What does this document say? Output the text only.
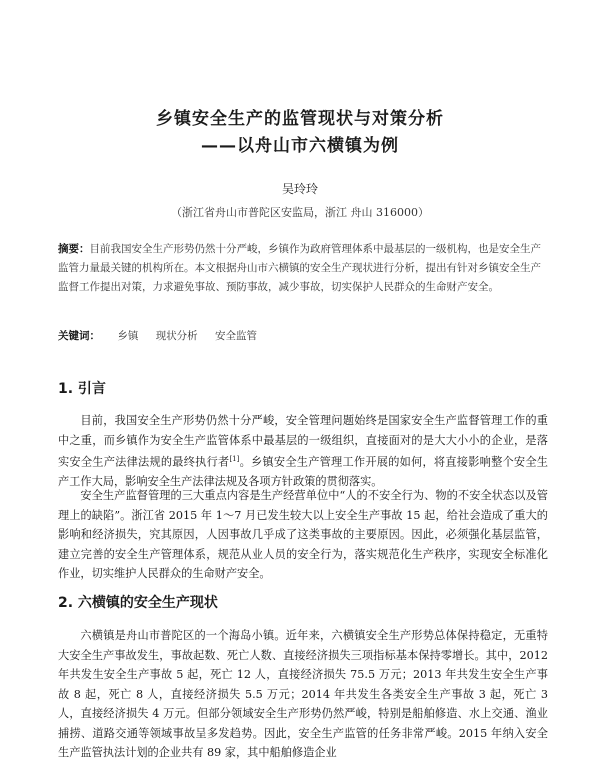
乡镇安全生产的监管现状与对策分析
——以舟山市六横镇为例

吴玲玲

（浙江省舟山市普陀区安监局，浙江 舟山 316000）

摘要：目前我国安全生产形势仍然十分严峻，乡镇作为政府管理体系中最基层的一级机构，也是安全生产监管力量最关键的机构所在。本文根据舟山市六横镇的安全生产现状进行分析，提出有针对乡镇安全生产监督工作提出对策，力求避免事故、预防事故，减少事故，切实保护人民群众的生命财产安全。

关键词： 乡镇 现状分析 安全监管

1. 引言

目前，我国安全生产形势仍然十分严峻，安全管理问题始终是国家安全生产监督管理工作的重中之重，而乡镇作为安全生产监管体系中最基层的一级组织，直接面对的是大大小小的企业，是落实安全生产法律法规的最终执行者[1]。乡镇安全生产管理工作开展的如何，将直接影响整个安全生产工作大局，影响安全生产法律法规及各项方针政策的贯彻落实。

安全生产监督管理的三大重点内容是生产经营单位中“人的不安全行为、物的不安全状态以及管理上的缺陷”。浙江省 2015 年 1～7 月已发生较大以上安全生产事故 15 起，给社会造成了重大的影响和经济损失，究其原因，人因事故几乎成了这类事故的主要原因。因此，必须强化基层监管，建立完善的安全生产管理体系，规范从业人员的安全行为，落实规范化生产秩序，实现安全标准化作业，切实维护人民群众的生命财产安全。

2. 六横镇的安全生产现状

六横镇是舟山市普陀区的一个海岛小镇。近年来，六横镇安全生产形势总体保持稳定，无重特大安全生产事故发生，事故起数、死亡人数、直接经济损失三项指标基本保持零增长。其中，2012 年共发生安全生产事故 5 起，死亡 12 人，直接经济损失 75.5 万元；2013 年共发生安全生产事故 8 起，死亡 8 人，直接经济损失 5.5 万元；2014 年共发生各类安全生产事故 3 起，死亡 3 人，直接经济损失 4 万元。但部分领域安全生产形势仍然严峻，特别是船舶修造、水上交通、渔业捕捞、道路交通等领域事故呈多发趋势。因此，安全生产监管的任务非常严峻。2015 年纳入安全生产监管执法计划的企业共有 89 家，其中船舶修造企业
